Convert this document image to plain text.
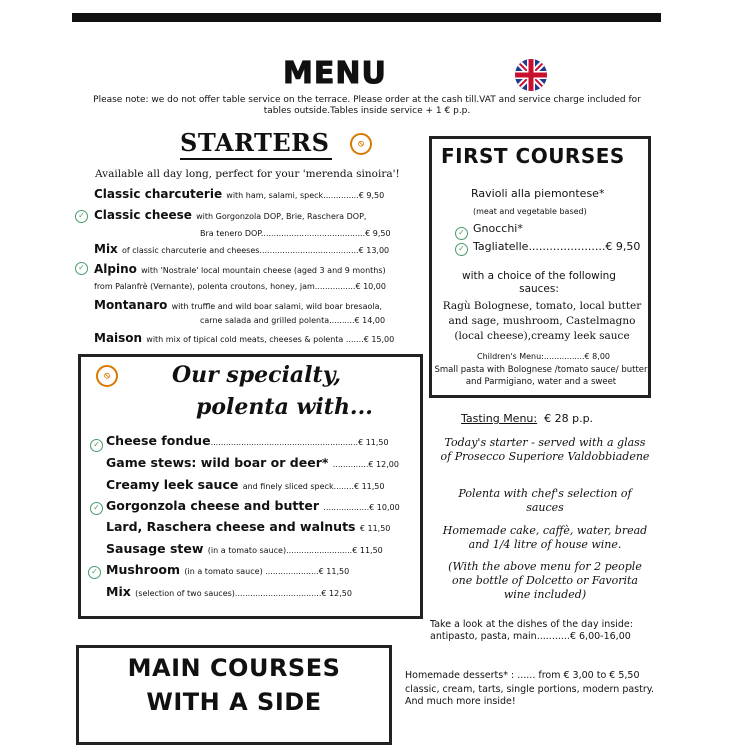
MENU
Please note: we do not offer table service on the terrace. Please order at the cash till.VAT and service charge included for tables outside.Tables inside service + 1 € p.p.
STARTERS	⦸
Available all day long, perfect for your 'merenda sinoira'!
Classic charcuterie with ham, salami, speck..............€ 9,50
✓ Classic cheese with Gorgonzola DOP, Brie, Raschera DOP,
Bra tenero DOP.........................................€ 9,50
Mix of classic charcuterie and cheeses.......................................€ 13,00
✓ Alpino with 'Nostrale' local mountain cheese (aged 3 and 9 months)
from Palanfrè (Vernante), polenta croutons, honey, jam................€ 10,00
Montanaro with truffle and wild boar salami, wild boar bresaola,
carne salada and grilled polenta..........€ 14,00
Maison with mix of tipical cold meats, cheeses & polenta .......€ 15,00
FIRST COURSES
Ravioli alla piemontese*
(meat and vegetable based)
✓ Gnocchi*
✓ Tagliatelle......................€ 9,50
with a choice of the following sauces:
Ragù Bolognese, tomato, local butter and sage, mushroom, Castelmagno (local cheese),creamy leek sauce
Children's Menu:................€ 8,00
Small pasta with Bolognese /tomato sauce/ butter and Parmigiano, water and a sweet
⦸	Our specialty,
polenta with...
✓ Cheese fondue..........................................................€ 11,50
Game stews: wild boar or deer* ..............€ 12,00
Creamy leek sauce and finely sliced speck........€ 11,50
✓ Gorgonzola cheese and butter ..................€ 10,00
Lard, Raschera cheese and walnuts € 11,50
Sausage stew (in a tomato sauce)..........................€ 11,50
✓ Mushroom (in a tomato sauce) .....................€ 11,50
Mix (selection of two sauces)..................................€ 12,50
Tasting Menu: € 28 p.p.
Today's starter - served with a glass of Prosecco Superiore Valdobbiadene
Polenta with chef's selection of sauces
Homemade cake, caffè, water, bread and 1/4 litre of house wine.
(With the above menu for 2 people one bottle of Dolcetto or Favorita wine included)
Take a look at the dishes of the day inside: antipasto, pasta, main...........€ 6,00-16,00
Homemade desserts* : ...... from € 3,00 to € 5,50
classic, cream, tarts, single portions, modern pastry. And much more inside!
MAIN COURSES
WITH A SIDE
